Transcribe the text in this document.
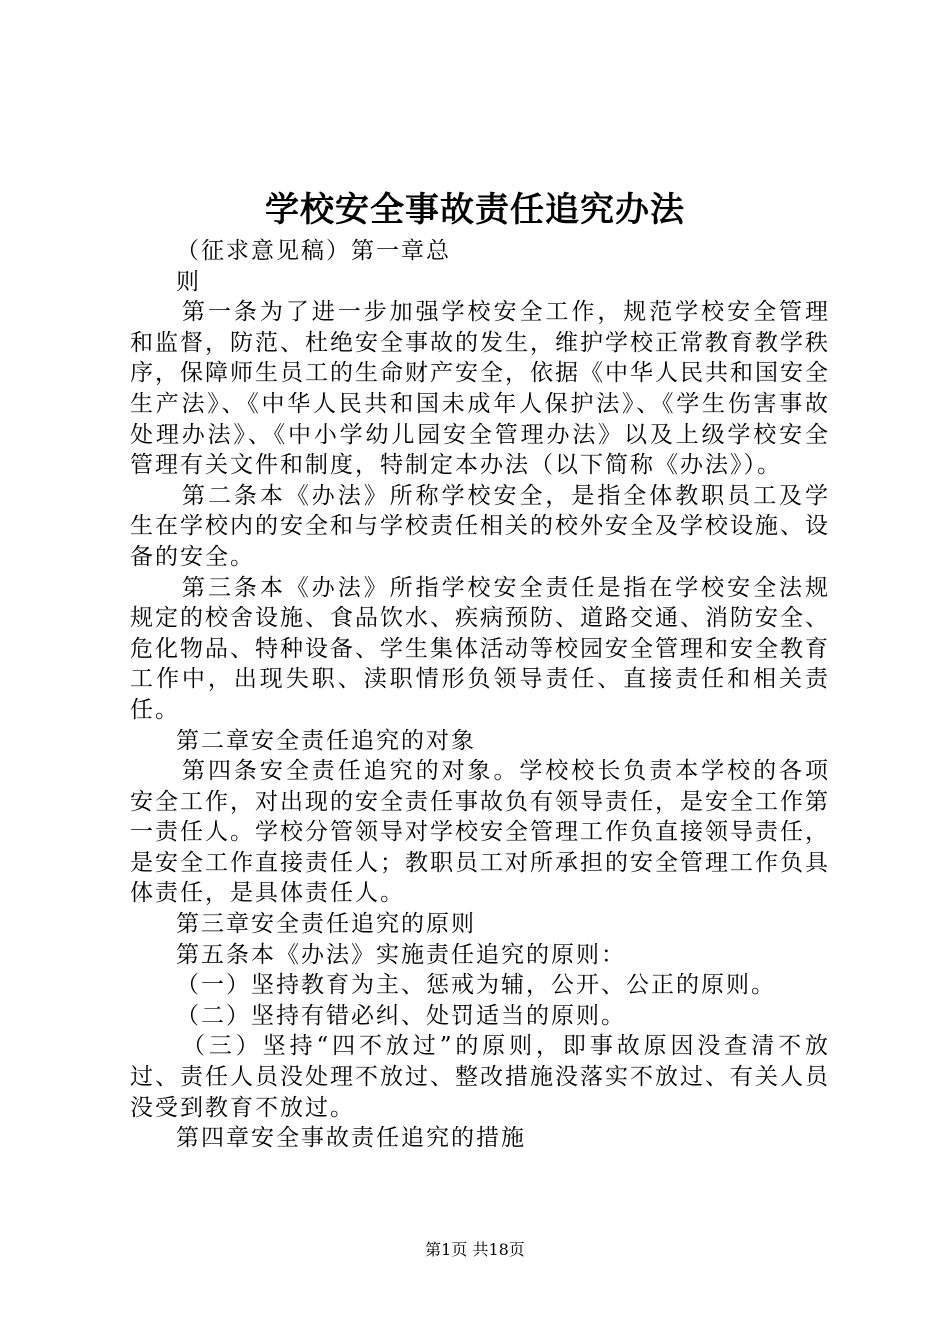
学校安全事故责任追究办法

（征求意见稿）第一章总

则

第一条为了进一步加强学校安全工作，规范学校安全管理和监督，防范、杜绝安全事故的发生，维护学校正常教育教学秩序，保障师生员工的生命财产安全，依据《中华人民共和国安全生产法》、《中华人民共和国未成年人保护法》、《学生伤害事故处理办法》、《中小学幼儿园安全管理办法》以及上级学校安全管理有关文件和制度，特制定本办法（以下简称《办法》）。

第二条本《办法》所称学校安全，是指全体教职员工及学生在学校内的安全和与学校责任相关的校外安全及学校设施、设备的安全。

第三条本《办法》所指学校安全责任是指在学校安全法规规定的校舍设施、食品饮水、疾病预防、道路交通、消防安全、危化物品、特种设备、学生集体活动等校园安全管理和安全教育工作中，出现失职、渎职情形负领导责任、直接责任和相关责任。

第二章安全责任追究的对象

第四条安全责任追究的对象。学校校长负责本学校的各项安全工作，对出现的安全责任事故负有领导责任，是安全工作第一责任人。学校分管领导对学校安全管理工作负直接领导责任，是安全工作直接责任人；教职员工对所承担的安全管理工作负具体责任，是具体责任人。

第三章安全责任追究的原则

第五条本《办法》实施责任追究的原则：

（一）坚持教育为主、惩戒为辅，公开、公正的原则。

（二）坚持有错必纠、处罚适当的原则。

（三）坚持“四不放过”的原则，即事故原因没查清不放过、责任人员没处理不放过、整改措施没落实不放过、有关人员没受到教育不放过。

第四章安全事故责任追究的措施

第1页 共18页
